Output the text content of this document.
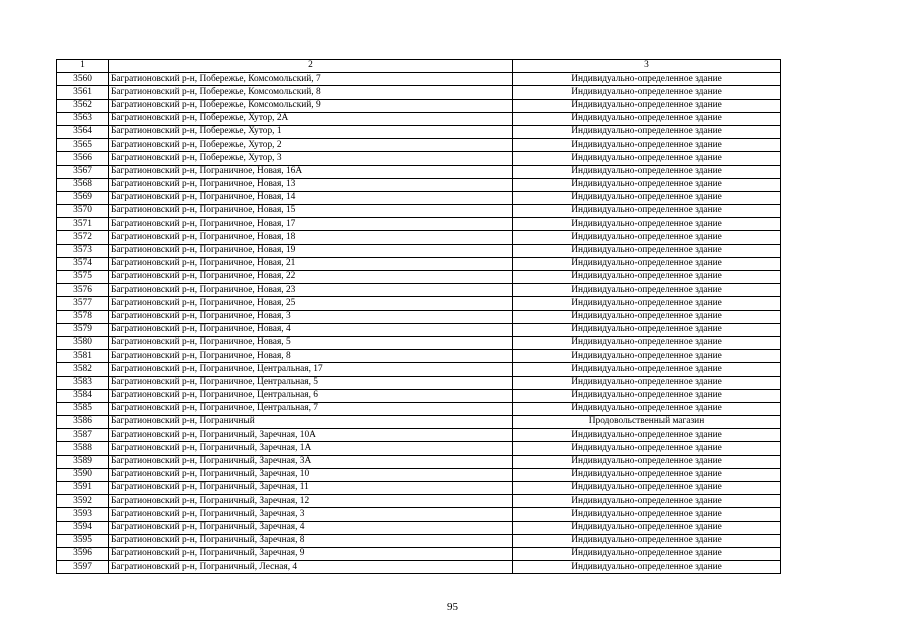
1	2	3
3560	Багратионовский р-н, Побережье, Комсомольский, 7	Индивидуально-определенное здание
3561	Багратионовский р-н, Побережье, Комсомольский, 8	Индивидуально-определенное здание
3562	Багратионовский р-н, Побережье, Комсомольский, 9	Индивидуально-определенное здание
3563	Багратионовский р-н, Побережье, Хутор, 2А	Индивидуально-определенное здание
3564	Багратионовский р-н, Побережье, Хутор, 1	Индивидуально-определенное здание
3565	Багратионовский р-н, Побережье, Хутор, 2	Индивидуально-определенное здание
3566	Багратионовский р-н, Побережье, Хутор, 3	Индивидуально-определенное здание
3567	Багратионовский р-н, Пограничное, Новая, 16А	Индивидуально-определенное здание
3568	Багратионовский р-н, Пограничное, Новая, 13	Индивидуально-определенное здание
3569	Багратионовский р-н, Пограничное, Новая, 14	Индивидуально-определенное здание
3570	Багратионовский р-н, Пограничное, Новая, 15	Индивидуально-определенное здание
3571	Багратионовский р-н, Пограничное, Новая, 17	Индивидуально-определенное здание
3572	Багратионовский р-н, Пограничное, Новая, 18	Индивидуально-определенное здание
3573	Багратионовский р-н, Пограничное, Новая, 19	Индивидуально-определенное здание
3574	Багратионовский р-н, Пограничное, Новая, 21	Индивидуально-определенное здание
3575	Багратионовский р-н, Пограничное, Новая, 22	Индивидуально-определенное здание
3576	Багратионовский р-н, Пограничное, Новая, 23	Индивидуально-определенное здание
3577	Багратионовский р-н, Пограничное, Новая, 25	Индивидуально-определенное здание
3578	Багратионовский р-н, Пограничное, Новая, 3	Индивидуально-определенное здание
3579	Багратионовский р-н, Пограничное, Новая, 4	Индивидуально-определенное здание
3580	Багратионовский р-н, Пограничное, Новая, 5	Индивидуально-определенное здание
3581	Багратионовский р-н, Пограничное, Новая, 8	Индивидуально-определенное здание
3582	Багратионовский р-н, Пограничное, Центральная, 17	Индивидуально-определенное здание
3583	Багратионовский р-н, Пограничное, Центральная, 5	Индивидуально-определенное здание
3584	Багратионовский р-н, Пограничное, Центральная, 6	Индивидуально-определенное здание
3585	Багратионовский р-н, Пограничное, Центральная, 7	Индивидуально-определенное здание
3586	Багратионовский р-н, Пограничный	Продовольственный магазин
3587	Багратионовский р-н, Пограничный, Заречная, 10А	Индивидуально-определенное здание
3588	Багратионовский р-н, Пограничный, Заречная, 1А	Индивидуально-определенное здание
3589	Багратионовский р-н, Пограничный, Заречная, 3А	Индивидуально-определенное здание
3590	Багратионовский р-н, Пограничный, Заречная, 10	Индивидуально-определенное здание
3591	Багратионовский р-н, Пограничный, Заречная, 11	Индивидуально-определенное здание
3592	Багратионовский р-н, Пограничный, Заречная, 12	Индивидуально-определенное здание
3593	Багратионовский р-н, Пограничный, Заречная, 3	Индивидуально-определенное здание
3594	Багратионовский р-н, Пограничный, Заречная, 4	Индивидуально-определенное здание
3595	Багратионовский р-н, Пограничный, Заречная, 8	Индивидуально-определенное здание
3596	Багратионовский р-н, Пограничный, Заречная, 9	Индивидуально-определенное здание
3597	Багратионовский р-н, Пограничный, Лесная, 4	Индивидуально-определенное здание
95
